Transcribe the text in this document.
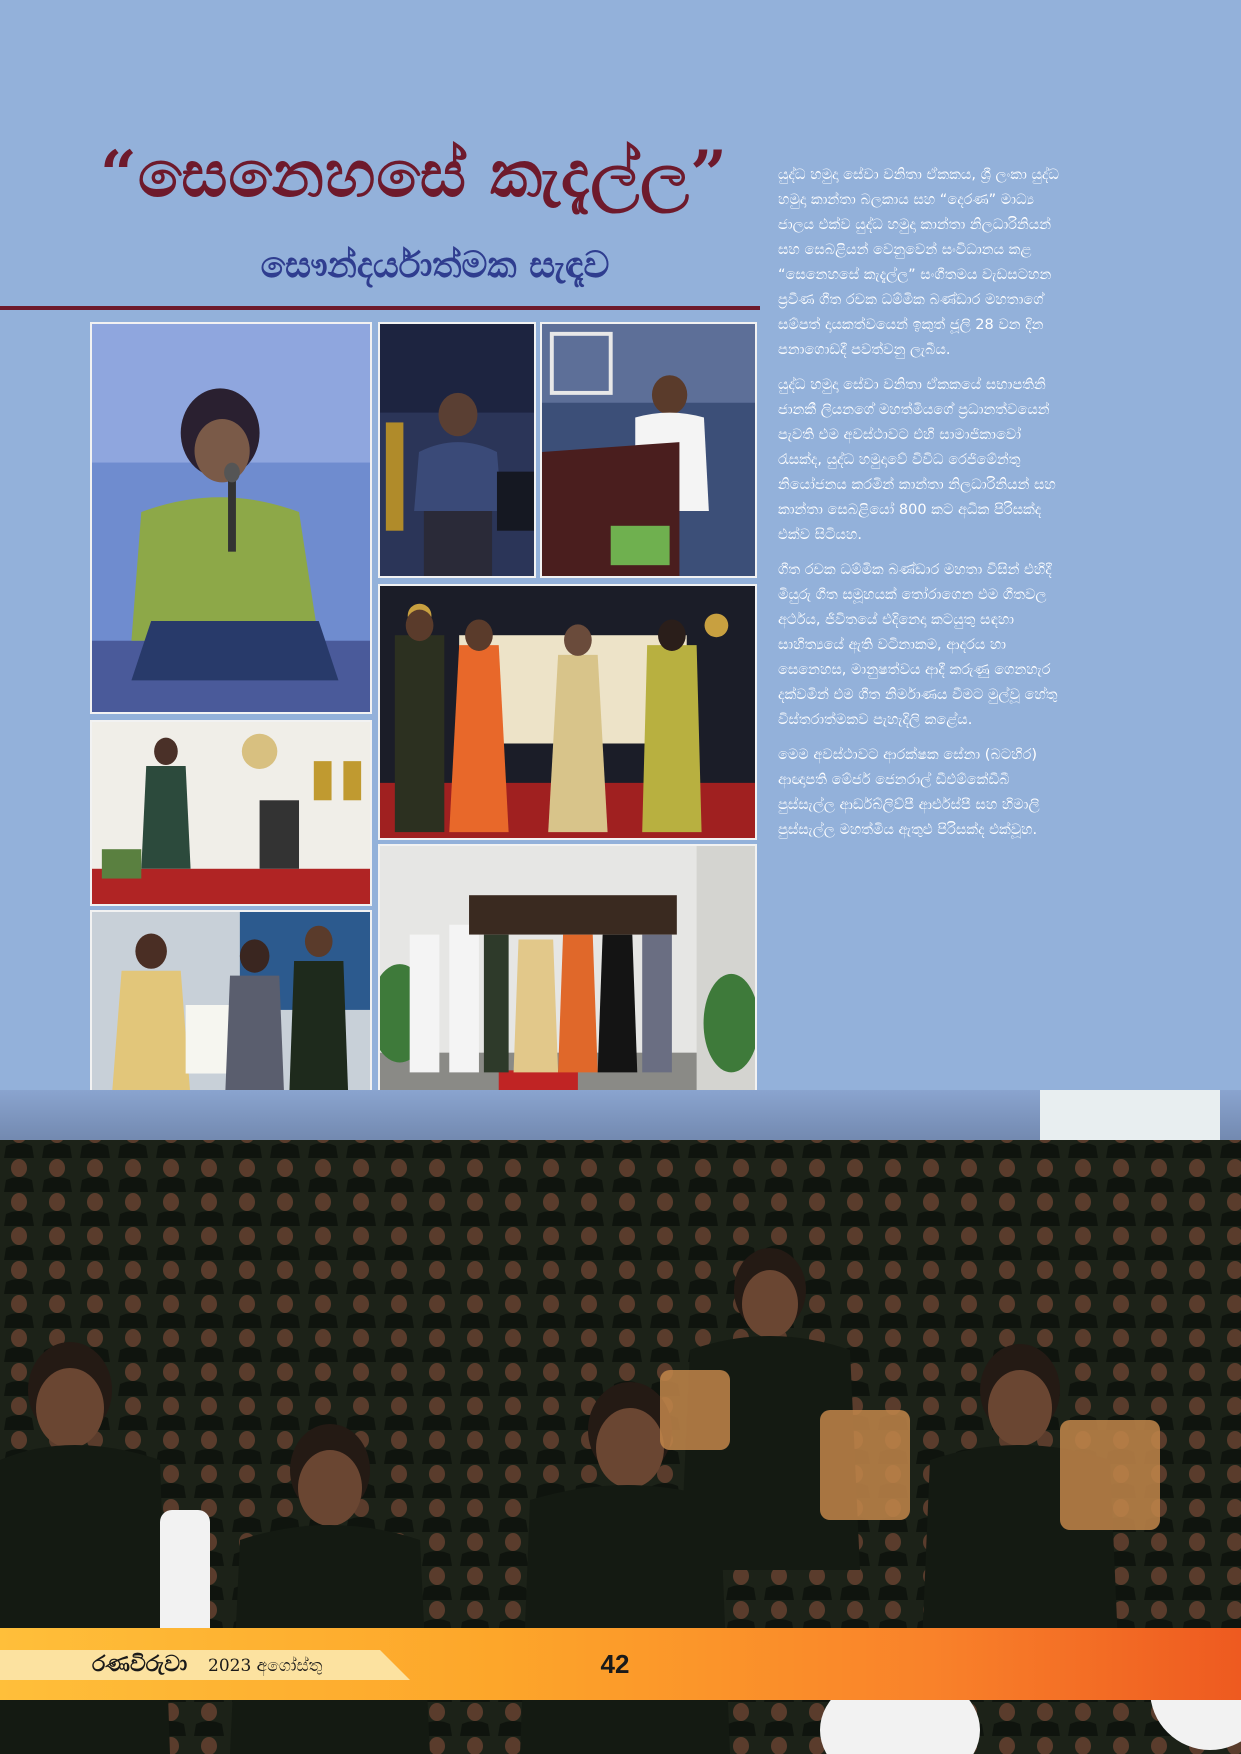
“සෙනෙහසේ කැදැල්ල”
සෞන්දර්යාත්මක සැඳෑව

යුද්ධ හමුදා සේවා වනිතා ඒකකය, ශ්‍රී ලංකා යුද්ධ හමුදා කාන්තා බලකාය සහ “දෙරණ” මාධ්‍ය ජාලය එක්ව යුද්ධ හමුදා කාන්තා නිලධාරිනියන් සහ සෙබළියන් වෙනුවෙන් සංවිධානය කළ “සෙනෙහසේ කැදැල්ල” සංගීතමය වැඩසටහන ප්‍රවීණ ගීත රචක ධම්මික බණ්ඩාර මහතාගේ සම්පත් දායකත්වයෙන් ඉකුත් ජූලි 28 වන දින පනාගොඩදී පවත්වනු ලැබීය.

යුද්ධ හමුදා සේවා වනිතා ඒකකයේ සභාපතිනි ජානකී ලියනගේ මහත්මියගේ ප්‍රධානත්වයෙන් පැවති එම අවස්ථාවට එහි සාමාජිකාවෝ රැසක්ද, යුද්ධ හමුදාවේ විවිධ රෙජිමේන්තු නියෝජනය කරමින් කාන්තා නිලධාරිනියන් සහ කාන්තා සෙබළියෝ 800 කට අධික පිරිසක්ද එක්ව සිටියහ.

ගීත රචක ධම්මික බණ්ඩාර මහතා විසින් එහිදී මියුරු ගීත සමූහයක් තෝරාගෙන එම ගීතවල අර්ථය, ජීවිතයේ එදිනෙදා කටයුතු සඳහා සාහිත්‍යයේ ඇති වටිනාකම, ආදරය හා සෙනෙහස, මානුෂත්වය ආදී කරුණු ගෙනහැර දක්වමින් එම ගීත නිර්මාණය වීමට මුල්වූ හේතු විස්තරාත්මකව පැහැදිලි කළේය.

මෙම අවස්ථාවට ආරක්ෂක සේනා (බටහිර) ආඥාපති මේජර් ජෙනරාල් ඩීඑම්කේඩීබී පුස්සැල්ල ආර්ඩබ්ලිව්පී ආර්එස්පී සහ හිමාලි පුස්සැල්ල මහත්මිය ඇතුළු පිරිසක්ද එක්වූහ.

රණවිරුවා 2023 අගෝස්තු	42
